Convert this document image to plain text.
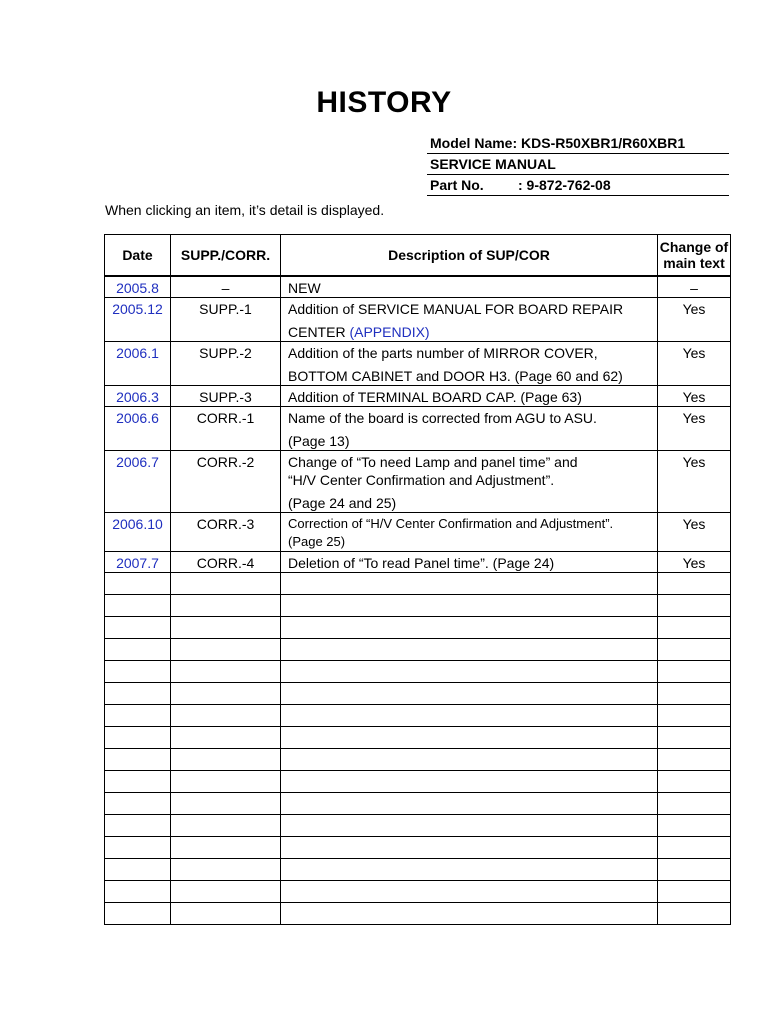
HISTORY
Model Name: KDS-R50XBR1/R60XBR1
SERVICE MANUAL
Part No. : 9-872-762-08
When clicking an item, it’s detail is displayed.
Date	SUPP./CORR.	Description of SUP/COR	Change of
main text
2005.8	–	NEW	–
2005.12	SUPP.-1	Addition of SERVICE MANUAL FOR BOARD REPAIR
CENTER (APPENDIX)	Yes
2006.1	SUPP.-2	Addition of the parts number of MIRROR COVER,
BOTTOM CABINET and DOOR H3. (Page 60 and 62)	Yes
2006.3	SUPP.-3	Addition of TERMINAL BOARD CAP. (Page 63)	Yes
2006.6	CORR.-1	Name of the board is corrected from AGU to ASU.
(Page 13)	Yes
2006.7	CORR.-2	Change of “To need Lamp and panel time” and
“H/V Center Confirmation and Adjustment”.
(Page 24 and 25)	Yes
2006.10	CORR.-3	Correction of “H/V Center Confirmation and Adjustment”.
(Page 25)	Yes
2007.7	CORR.-4	Deletion of “To read Panel time”. (Page 24)	Yes
